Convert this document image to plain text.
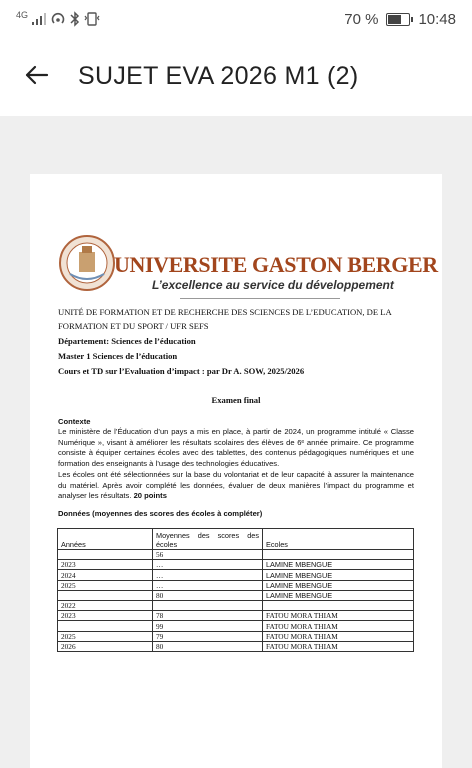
4G	70 %	10:48
SUJET EVA 2026 M1 (2)
UNIVERSITE GASTON BERGER
L’excellence au service du développement
UNITÉ DE FORMATION ET DE RECHERCHE DES SCIENCES DE L’EDUCATION, DE LA
FORMATION ET DU SPORT / UFR SEFS
Département: Sciences de l’éducation
Master 1 Sciences de l’éducation
Cours et TD sur l’Evaluation d’impact : par Dr A. SOW, 2025/2026
Examen final
Contexte
Le ministère de l’Éducation d’un pays a mis en place, à partir de 2024, un programme intitulé « Classe Numérique », visant à améliorer les résultats scolaires des élèves de 6ᵉ année primaire. Ce programme consiste à équiper certaines écoles avec des tablettes, des contenus pédagogiques numériques et une formation des enseignants à l’usage des technologies éducatives.
Les écoles ont été sélectionnées sur la base du volontariat et de leur capacité à assurer la maintenance du matériel. Après avoir complété les données, évaluer de deux manières l’impact du programme et analyser les résultats. 20 points
Données (moyennes des scores des écoles à compléter)
Années	Moyennes des scores des écoles	Ecoles
	56	
2023	…	LAMINE MBENGUE
2024	…	LAMINE MBENGUE
2025	…	LAMINE MBENGUE
	80	LAMINE MBENGUE
2022		
2023	78	FATOU MORA THIAM
	99	FATOU MORA THIAM
2025	79	FATOU MORA THIAM
2026	80	FATOU MORA THIAM
